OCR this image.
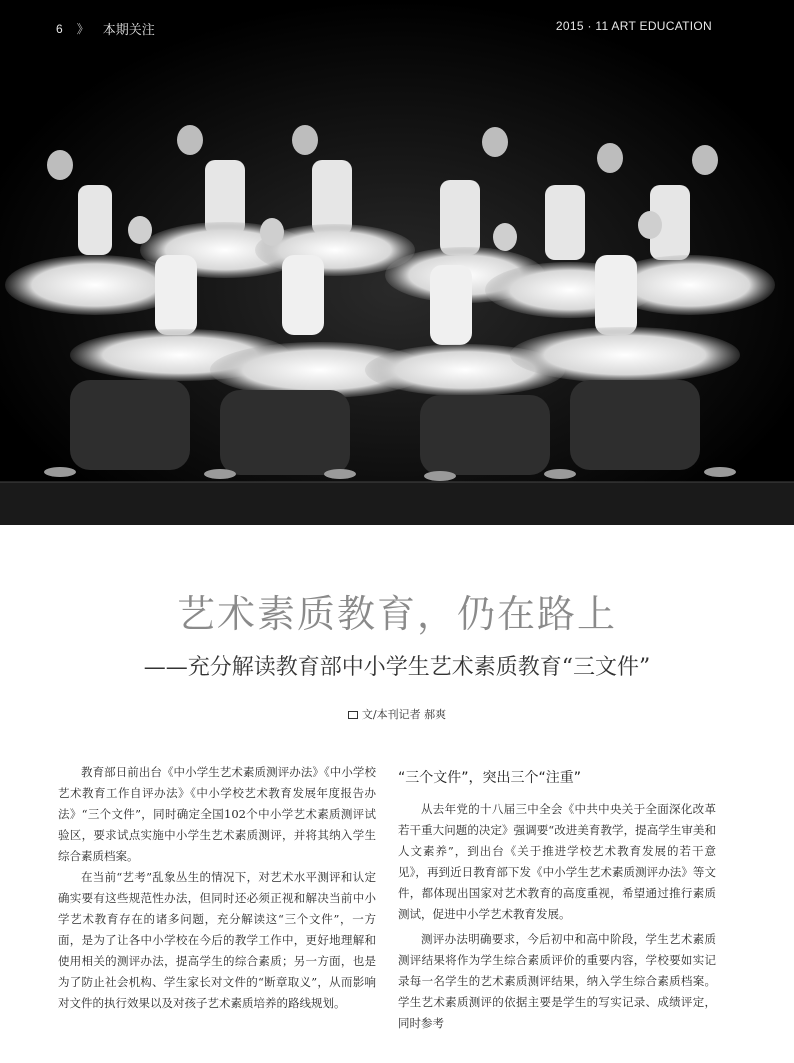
6 》 本期关注	2015 · 11 ART EDUCATION
艺术素质教育，仍在路上
——充分解读教育部中小学生艺术素质教育“三文件”
文/本刊记者 郝爽

教育部日前出台《中小学生艺术素质测评办法》《中小学校艺术教育工作自评办法》《中小学校艺术教育发展年度报告办法》“三个文件”，同时确定全国102个中小学艺术素质测评试验区，要求试点实施中小学生艺术素质测评，并将其纳入学生综合素质档案。

在当前“艺考”乱象丛生的情况下，对艺术水平测评和认定确实要有这些规范性办法，但同时还必须正视和解决当前中小学艺术教育存在的诸多问题，充分解读这“三个文件”，一方面，是为了让各中小学校在今后的教学工作中，更好地理解和使用相关的测评办法，提高学生的综合素质；另一方面，也是为了防止社会机构、学生家长对文件的“断章取义”，从而影响对文件的执行效果以及对孩子艺术素质培养的路线规划。

“三个文件”，突出三个“注重”

从去年党的十八届三中全会《中共中央关于全面深化改革若干重大问题的决定》强调要“改进美育教学，提高学生审美和人文素养”，到出台《关于推进学校艺术教育发展的若干意见》，再到近日教育部下发《中小学生艺术素质测评办法》等文件，都体现出国家对艺术教育的高度重视，希望通过推行素质测试，促进中小学艺术教育发展。

测评办法明确要求，今后初中和高中阶段，学生艺术素质测评结果将作为学生综合素质评价的重要内容，学校要如实记录每一名学生的艺术素质测评结果，纳入学生综合素质档案。学生艺术素质测评的依据主要是学生的写实记录、成绩评定，同时参考
